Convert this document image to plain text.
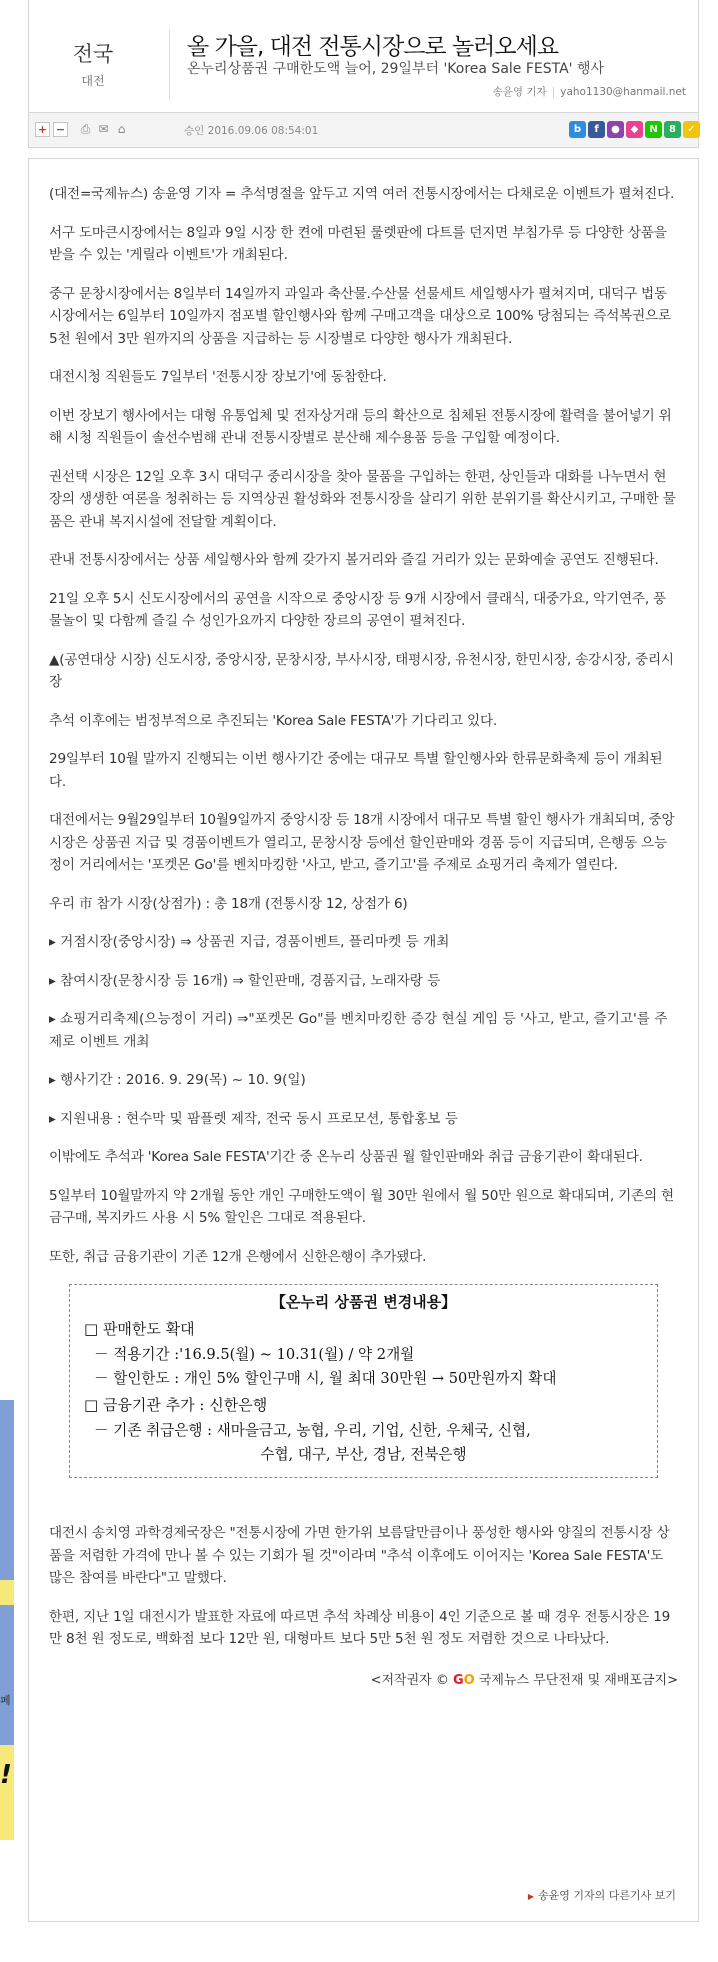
페
!
전국
대전
올 가을, 대전 전통시장으로 놀러오세요
온누리상품권 구매한도액 늘어, 29일부터 'Korea Sale FESTA' 행사
송윤영 기자 | yaho1130@hanmail.net
+ −	⎙ ✉ ⌂	승인 2016.09.06 08:54:01	b	f	●	◆	N	8	✓

(대전=국제뉴스) 송윤영 기자 = 추석명절을 앞두고 지역 여러 전통시장에서는 다채로운 이벤트가 펼쳐진다.

서구 도마큰시장에서는 8일과 9일 시장 한 켠에 마련된 룰렛판에 다트를 던지면 부침가루 등 다양한 상품을 받을 수 있는 '게릴라 이벤트'가 개최된다.

중구 문창시장에서는 8일부터 14일까지 과일과 축산물.수산물 선물세트 세일행사가 펼쳐지며, 대덕구 법동시장에서는 6일부터 10일까지 점포별 할인행사와 함께 구매고객을 대상으로 100% 당첨되는 즉석복권으로 5천 원에서 3만 원까지의 상품을 지급하는 등 시장별로 다양한 행사가 개최된다.

대전시청 직원들도 7일부터 '전통시장 장보기'에 동참한다.

이번 장보기 행사에서는 대형 유통업체 및 전자상거래 등의 확산으로 침체된 전통시장에 활력을 불어넣기 위해 시청 직원들이 솔선수범해 관내 전통시장별로 분산해 제수용품 등을 구입할 예정이다.

권선택 시장은 12일 오후 3시 대덕구 중리시장을 찾아 물품을 구입하는 한편, 상인들과 대화를 나누면서 현장의 생생한 여론을 청취하는 등 지역상권 활성화와 전통시장을 살리기 위한 분위기를 확산시키고, 구매한 물품은 관내 복지시설에 전달할 계획이다.

관내 전통시장에서는 상품 세일행사와 함께 갖가지 볼거리와 즐길 거리가 있는 문화예술 공연도 진행된다.

21일 오후 5시 신도시장에서의 공연을 시작으로 중앙시장 등 9개 시장에서 클래식, 대중가요, 악기연주, 풍물놀이 및 다함께 즐길 수 성인가요까지 다양한 장르의 공연이 펼쳐진다.

▲(공연대상 시장) 신도시장, 중앙시장, 문창시장, 부사시장, 태평시장, 유천시장, 한민시장, 송강시장, 중리시장

추석 이후에는 범정부적으로 추진되는 'Korea Sale FESTA'가 기다리고 있다.

29일부터 10월 말까지 진행되는 이번 행사기간 중에는 대규모 특별 할인행사와 한류문화축제 등이 개최된다.

대전에서는 9월29일부터 10월9일까지 중앙시장 등 18개 시장에서 대규모 특별 할인 행사가 개최되며, 중앙시장은 상품권 지급 및 경품이벤트가 열리고, 문창시장 등에선 할인판매와 경품 등이 지급되며, 은행동 으능정이 거리에서는 '포켓몬 Go'를 벤치마킹한 '사고, 받고, 즐기고'를 주제로 쇼핑거리 축제가 열린다.

우리 市 참가 시장(상점가) : 총 18개 (전통시장 12, 상점가 6)

▸ 거점시장(중앙시장) ⇒ 상품권 지급, 경품이벤트, 플리마켓 등 개최

▸ 참여시장(문창시장 등 16개) ⇒ 할인판매, 경품지급, 노래자랑 등

▸ 쇼핑거리축제(으능정이 거리) ⇒"포켓몬 Go"를 벤치마킹한 증강 현실 게임 등 '사고, 받고, 즐기고'를 주제로 이벤트 개최

▸ 행사기간 : 2016. 9. 29(목) ~ 10. 9(일)

▸ 지원내용 : 현수막 및 팜플렛 제작, 전국 동시 프로모션, 통합홍보 등

이밖에도 추석과 'Korea Sale FESTA'기간 중 온누리 상품권 월 할인판매와 취급 금융기관이 확대된다.

5일부터 10월말까지 약 2개월 동안 개인 구매한도액이 월 30만 원에서 월 50만 원으로 확대되며, 기존의 현금구매, 복지카드 사용 시 5% 할인은 그대로 적용된다.

또한, 취급 금융기관이 기존 12개 은행에서 신한은행이 추가됐다.

【온누리 상품권 변경내용】
□ 판매한도 확대
－ 적용기간 :'16.9.5(월) ~ 10.31(월) / 약 2개월
－ 할인한도 : 개인 5% 할인구매 시, 월 최대 30만원 → 50만원까지 확대
□ 금융기관 추가 : 신한은행
－ 기존 취급은행 : 새마을금고, 농협, 우리, 기업, 신한, 우체국, 신협,
수협, 대구, 부산, 경남, 전북은행

대전시 송치영 과학경제국장은 "전통시장에 가면 한가위 보름달만큼이나 풍성한 행사와 양질의 전통시장 상품을 저렴한 가격에 만나 볼 수 있는 기회가 될 것"이라며 "추석 이후에도 이어지는 'Korea Sale FESTA'도 많은 참여를 바란다"고 말했다.

한편, 지난 1일 대전시가 발표한 자료에 따르면 추석 차례상 비용이 4인 기준으로 볼 때 경우 전통시장은 19만 8천 원 정도로, 백화점 보다 12만 원, 대형마트 보다 5만 5천 원 정도 저렴한 것으로 나타났다.

<저작권자 © GO 국제뉴스 무단전재 및 재배포금지>
▶ 송윤영 기자의 다른기사 보기
